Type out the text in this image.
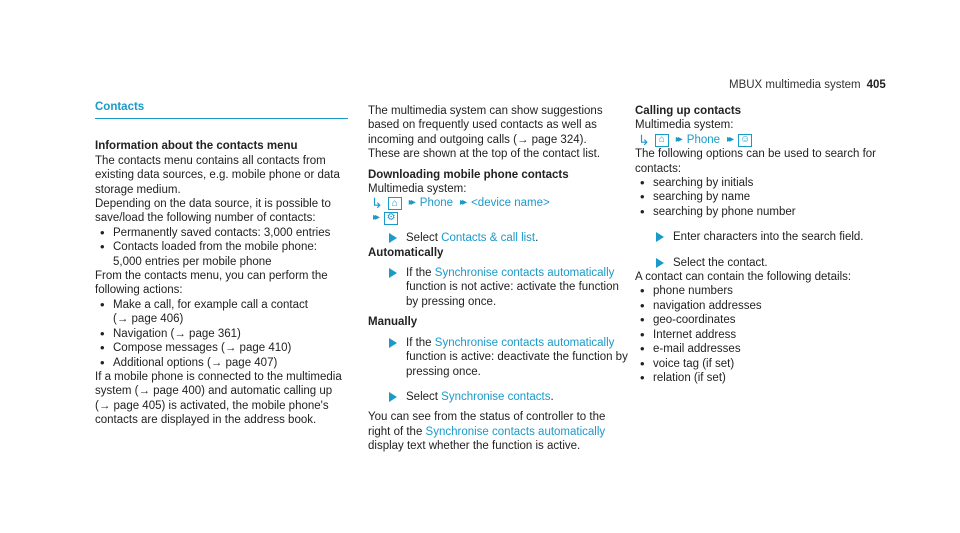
MBUX multimedia system 405
Contacts

Information about the contacts menu

The contacts menu contains all contacts from
existing data sources, e.g. mobile phone or data
storage medium.

Depending on the data source, it is possible to
save/load the following number of contacts:

• Permanently saved contacts: 3,000 entries
• Contacts loaded from the mobile phone:
5,000 entries per mobile phone

From the contacts menu, you can perform the
following actions:

• Make a call, for example call a contact
(→ page 406)
• Navigation (→ page 361)
• Compose messages (→ page 410)
• Additional options (→ page 407)

If a mobile phone is connected to the multimedia
system (→ page 400) and automatic calling up
(→ page 405) is activated, the mobile phone's
contacts are displayed in the address book.

The multimedia system can show suggestions
based on frequently used contacts as well as
incoming and outgoing calls (→ page 324).
These are shown at the top of the contact list.

Downloading mobile phone contacts

Multimedia system:

↳ ⌂	▸▸ Phone ▸▸ <device name>
▸▸ ⚙
Select Contacts & call list.

Automatically

If the Synchronise contacts automatically
function is not active: activate the function
by pressing once.

Manually

If the Synchronise contacts automatically
function is active: deactivate the function by
pressing once.
Select Synchronise contacts.

You can see from the status of controller to the
right of the Synchronise contacts automatically
display text whether the function is active.

Calling up contacts

Multimedia system:

↳ ⌂	▸▸ Phone ▸▸ ☺

The following options can be used to search for
contacts:

• searching by initials
• searching by name
• searching by phone number
Enter characters into the search field.
Select the contact.

A contact can contain the following details:

• phone numbers
• navigation addresses
• geo-coordinates
• Internet address
• e-mail addresses
• voice tag (if set)
• relation (if set)
